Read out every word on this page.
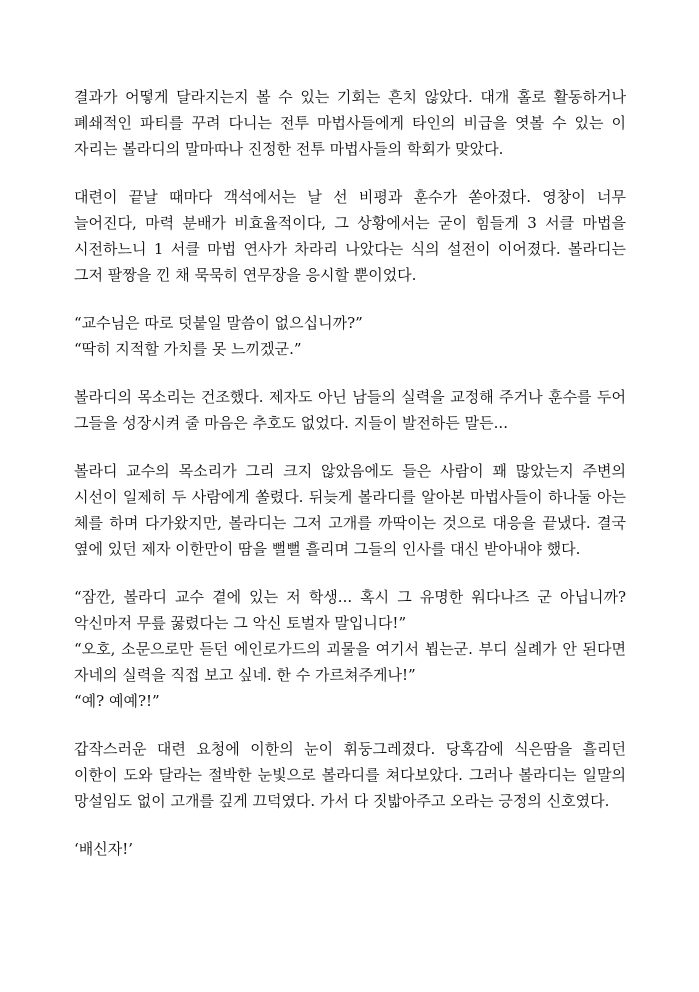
결과가 어떻게 달라지는지 볼 수 있는 기회는 흔치 않았다. 대개 홀로 활동하거나 폐쇄적인 파티를 꾸려 다니는 전투 마법사들에게 타인의 비급을 엿볼 수 있는 이 자리는 볼라디의 말마따나 진정한 전투 마법사들의 학회가 맞았다.

대련이 끝날 때마다 객석에서는 날 선 비평과 훈수가 쏟아졌다. 영창이 너무 늘어진다, 마력 분배가 비효율적이다, 그 상황에서는 굳이 힘들게 3 서클 마법을 시전하느니 1 서클 마법 연사가 차라리 나았다는 식의 설전이 이어졌다. 볼라디는 그저 팔짱을 낀 채 묵묵히 연무장을 응시할 뿐이었다.

“교수님은 따로 덧붙일 말씀이 없으십니까?”
“딱히 지적할 가치를 못 느끼겠군.”

볼라디의 목소리는 건조했다. 제자도 아닌 남들의 실력을 교정해 주거나 훈수를 두어 그들을 성장시켜 줄 마음은 추호도 없었다. 지들이 발전하든 말든...

볼라디 교수의 목소리가 그리 크지 않았음에도 들은 사람이 꽤 많았는지 주변의 시선이 일제히 두 사람에게 쏠렸다. 뒤늦게 볼라디를 알아본 마법사들이 하나둘 아는 체를 하며 다가왔지만, 볼라디는 그저 고개를 까딱이는 것으로 대응을 끝냈다. 결국 옆에 있던 제자 이한만이 땀을 뻘뻘 흘리며 그들의 인사를 대신 받아내야 했다.

“잠깐, 볼라디 교수 곁에 있는 저 학생... 혹시 그 유명한 워다나즈 군 아닙니까? 악신마저 무릎 꿇렸다는 그 악신 토벌자 말입니다!”
“오호, 소문으로만 듣던 에인로가드의 괴물을 여기서 뵙는군. 부디 실례가 안 된다면 자네의 실력을 직접 보고 싶네. 한 수 가르쳐주게나!”
“예? 예예?!”

갑작스러운 대련 요청에 이한의 눈이 휘둥그레졌다. 당혹감에 식은땀을 흘리던 이한이 도와 달라는 절박한 눈빛으로 볼라디를 쳐다보았다. 그러나 볼라디는 일말의 망설임도 없이 고개를 깊게 끄덕였다. 가서 다 짓밟아주고 오라는 긍정의 신호였다.

‘배신자!’
